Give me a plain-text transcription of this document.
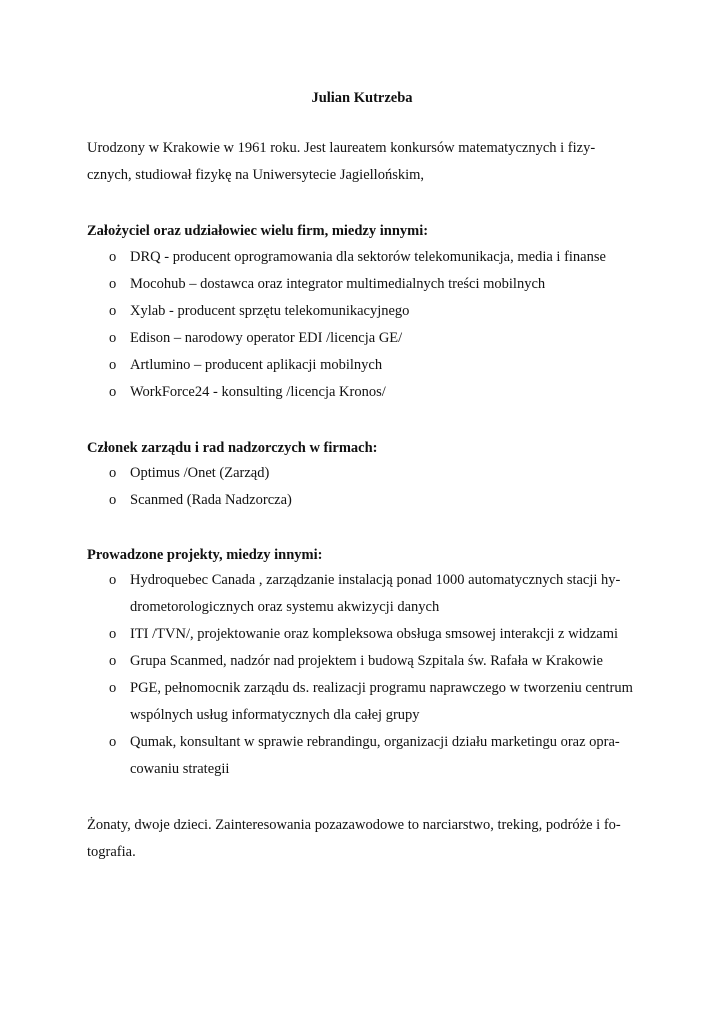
Julian Kutrzeba

Urodzony w Krakowie w 1961 roku. Jest laureatem konkursów matematycznych i fizy-
cznych, studiował fizykę na Uniwersytecie Jagiellońskim,

Założyciel oraz udziałowiec wielu firm, miedzy innymi:
o DRQ - producent oprogramowania dla sektorów telekomunikacja, media i finanse
o Mocohub – dostawca oraz integrator multimedialnych treści mobilnych
o Xylab - producent sprzętu telekomunikacyjnego
o Edison – narodowy operator EDI /licencja GE/
o Artlumino – producent aplikacji mobilnych
o WorkForce24 - konsulting /licencja Kronos/
Członek zarządu i rad nadzorczych w firmach:
o Optimus /Onet (Zarząd)
o Scanmed (Rada Nadzorcza)
Prowadzone projekty, miedzy innymi:
o Hydroquebec Canada , zarządzanie instalacją ponad 1000 automatycznych stacji hy-
drometorologicznych oraz systemu akwizycji danych
o ITI /TVN/, projektowanie oraz kompleksowa obsługa smsowej interakcji z widzami
o Grupa Scanmed, nadzór nad projektem i budową Szpitala św. Rafała w Krakowie
o PGE, pełnomocnik zarządu ds. realizacji programu naprawczego w tworzeniu centrum
wspólnych usług informatycznych dla całej grupy
o Qumak, konsultant w sprawie rebrandingu, organizacji działu marketingu oraz opra-
cowaniu strategii

Żonaty, dwoje dzieci. Zainteresowania pozazawodowe to narciarstwo, treking, podróże i fo-
tografia.
